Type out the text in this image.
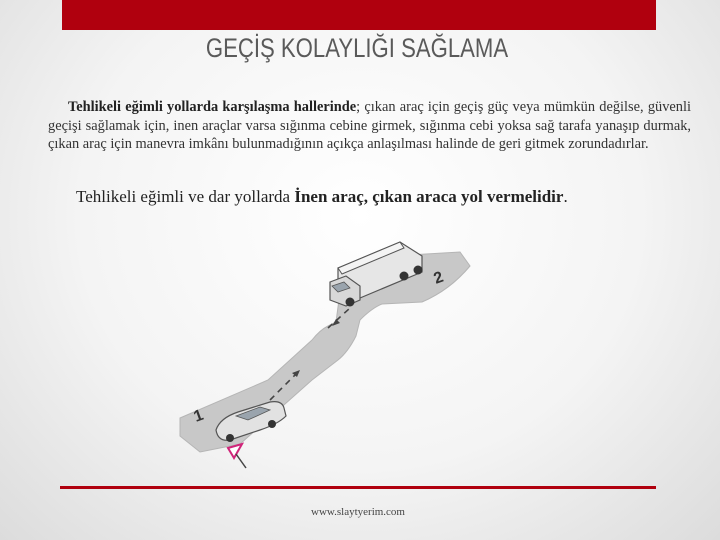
GEÇİŞ KOLAYLIĞI SAĞLAMA
Tehlikeli eğimli yollarda karşılaşma hallerinde; çıkan araç için geçiş güç veya mümkün değilse, güvenli geçişi sağlamak için, inen araçlar varsa sığınma cebine girmek, sığınma cebi yoksa sağ tarafa yanaşıp durmak, çıkan araç için manevra imkânı bulunmadığının açıkça anlaşılması halinde de geri gitmek zorundadırlar.
Tehlikeli eğimli ve dar yollarda İnen araç, çıkan araca yol vermelidir.
2
1
www.slaytyerim.com
